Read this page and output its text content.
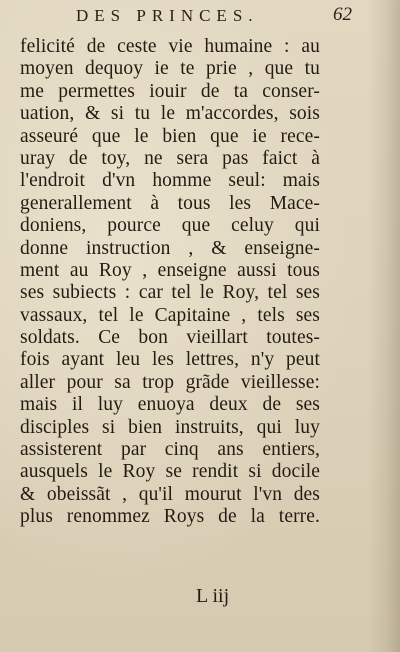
DES PRINCES.	62
felicité de ceste vie humaine : au
moyen dequoy ie te prie , que tu
me permettes iouir de ta conser-
uation, & si tu le m'accordes, sois
asseuré que le bien que ie rece-
uray de toy, ne sera pas faict à
l'endroit d'vn homme seul: mais
generallement à tous les Mace-
doniens, pource que celuy qui
donne instruction , & enseigne-
ment au Roy , enseigne aussi tous
ses subiects : car tel le Roy, tel ses
vassaux, tel le Capitaine , tels ses
soldats. Ce bon vieillart toutes-
fois ayant leu les lettres, n'y peut
aller pour sa trop grãde vieillesse:
mais il luy enuoya deux de ses
disciples si bien instruits, qui luy
assisterent par cinq ans entiers,
ausquels le Roy se rendit si docile
& obeissãt , qu'il mourut l'vn des
plus renommez Roys de la terre.
L iij
